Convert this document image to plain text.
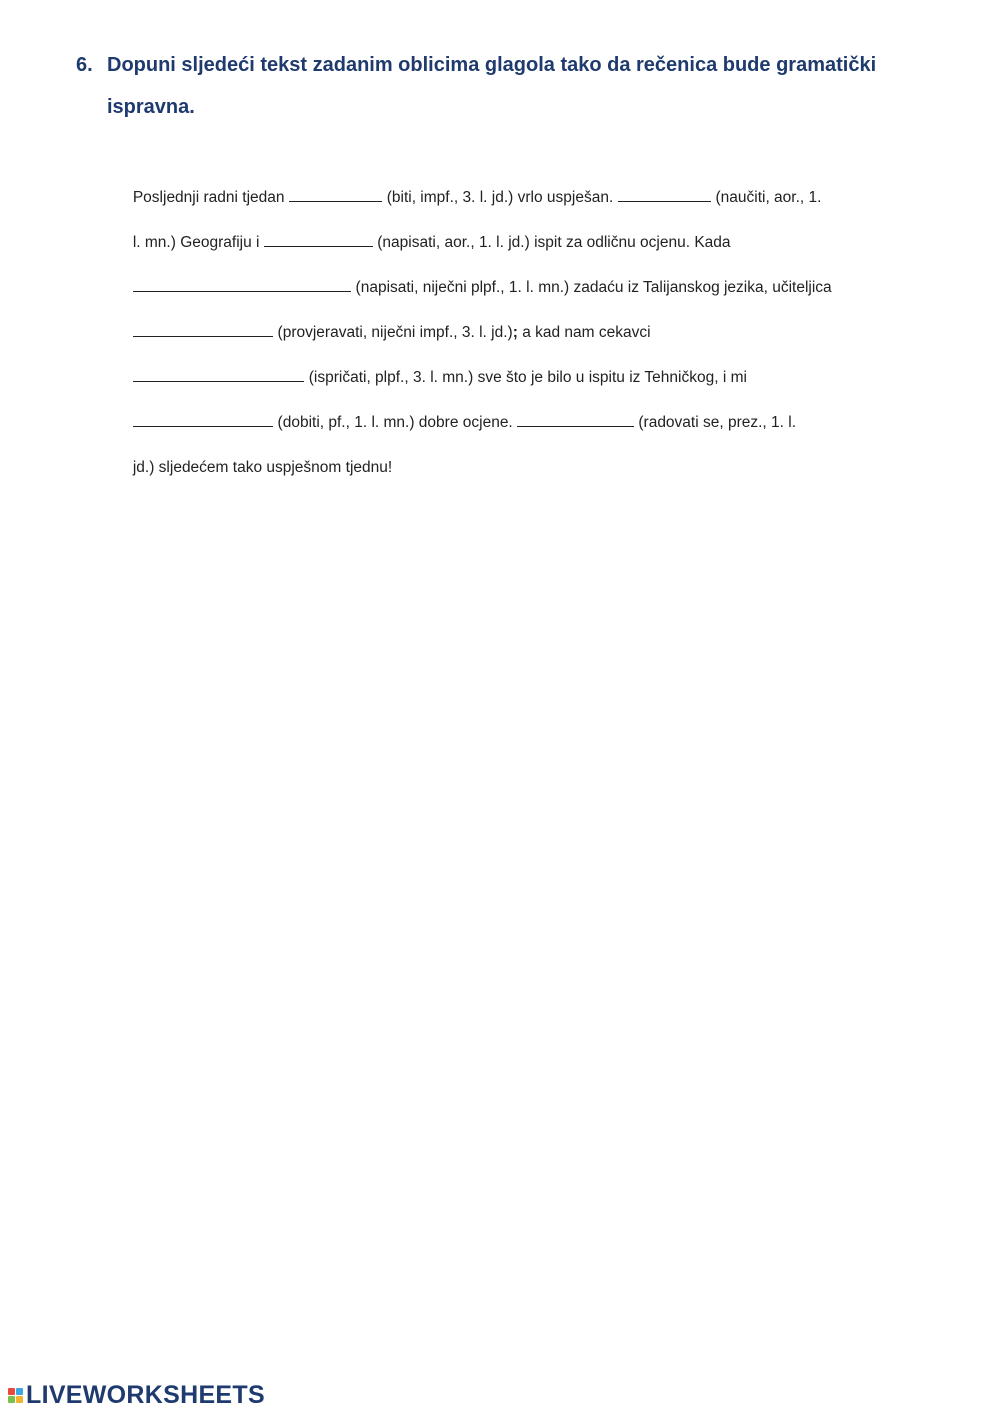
6. Dopuni sljedeći tekst zadanim oblicima glagola tako da rečenica bude gramatički ispravna.

Posljednji radni tjedan	(biti, impf., 3. l. jd.) vrlo uspješan.	(naučiti, aor., 1.

l. mn.) Geografiju i	(napisati, aor., 1. l. jd.) ispit za odličnu ocjenu. Kada

(napisati, niječni plpf., 1. l. mn.) zadaću iz Talijanskog jezika, učiteljica

(provjeravati, niječni impf., 3. l. jd.); a kad nam cekavci

(ispričati, plpf., 3. l. mn.) sve što je bilo u ispitu iz Tehničkog, i mi

(dobiti, pf., 1. l. mn.) dobre ocjene.	(radovati se, prez., 1. l.

jd.) sljedećem tako uspješnom tjednu!

LIVEWORKSHEETS
